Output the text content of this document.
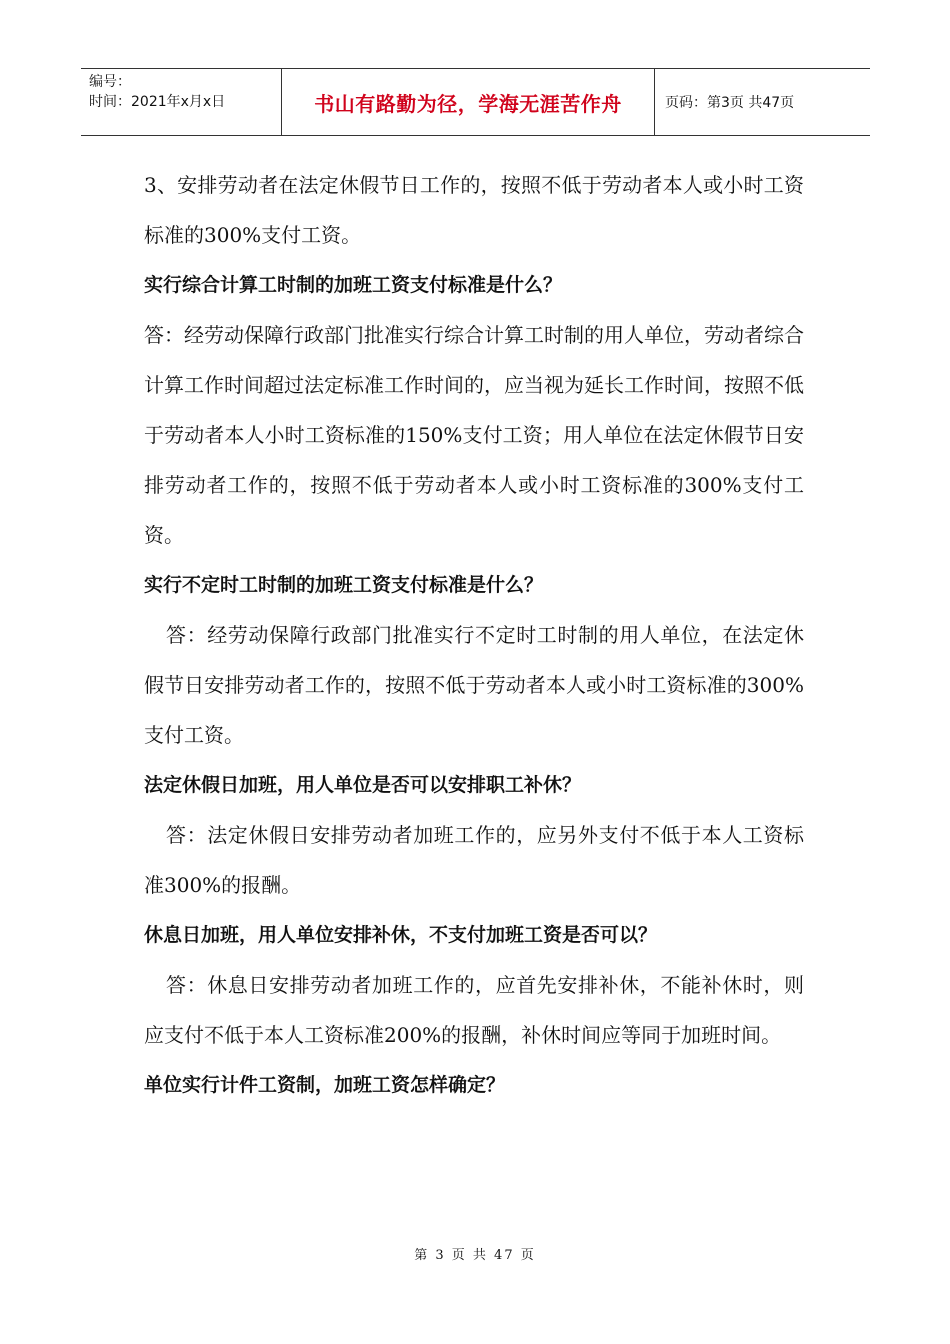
编号：
时间：2021年x月x日	书山有路勤为径，学海无涯苦作舟	页码：第3页 共47页

3、安排劳动者在法定休假节日工作的，按照不低于劳动者本人或小时工资标准的300%支付工资。

实行综合计算工时制的加班工资支付标准是什么？

答：经劳动保障行政部门批准实行综合计算工时制的用人单位，劳动者综合计算工作时间超过法定标准工作时间的，应当视为延长工作时间，按照不低于劳动者本人小时工资标准的150%支付工资；用人单位在法定休假节日安排劳动者工作的，按照不低于劳动者本人或小时工资标准的300%支付工资。

实行不定时工时制的加班工资支付标准是什么？

答：经劳动保障行政部门批准实行不定时工时制的用人单位，在法定休假节日安排劳动者工作的，按照不低于劳动者本人或小时工资标准的300%支付工资。

法定休假日加班，用人单位是否可以安排职工补休？

答：法定休假日安排劳动者加班工作的，应另外支付不低于本人工资标准300%的报酬。

休息日加班，用人单位安排补休，不支付加班工资是否可以？

答：休息日安排劳动者加班工作的，应首先安排补休，不能补休时，则应支付不低于本人工资标准200%的报酬，补休时间应等同于加班时间。

单位实行计件工资制，加班工资怎样确定？

第 3 页 共 47 页
